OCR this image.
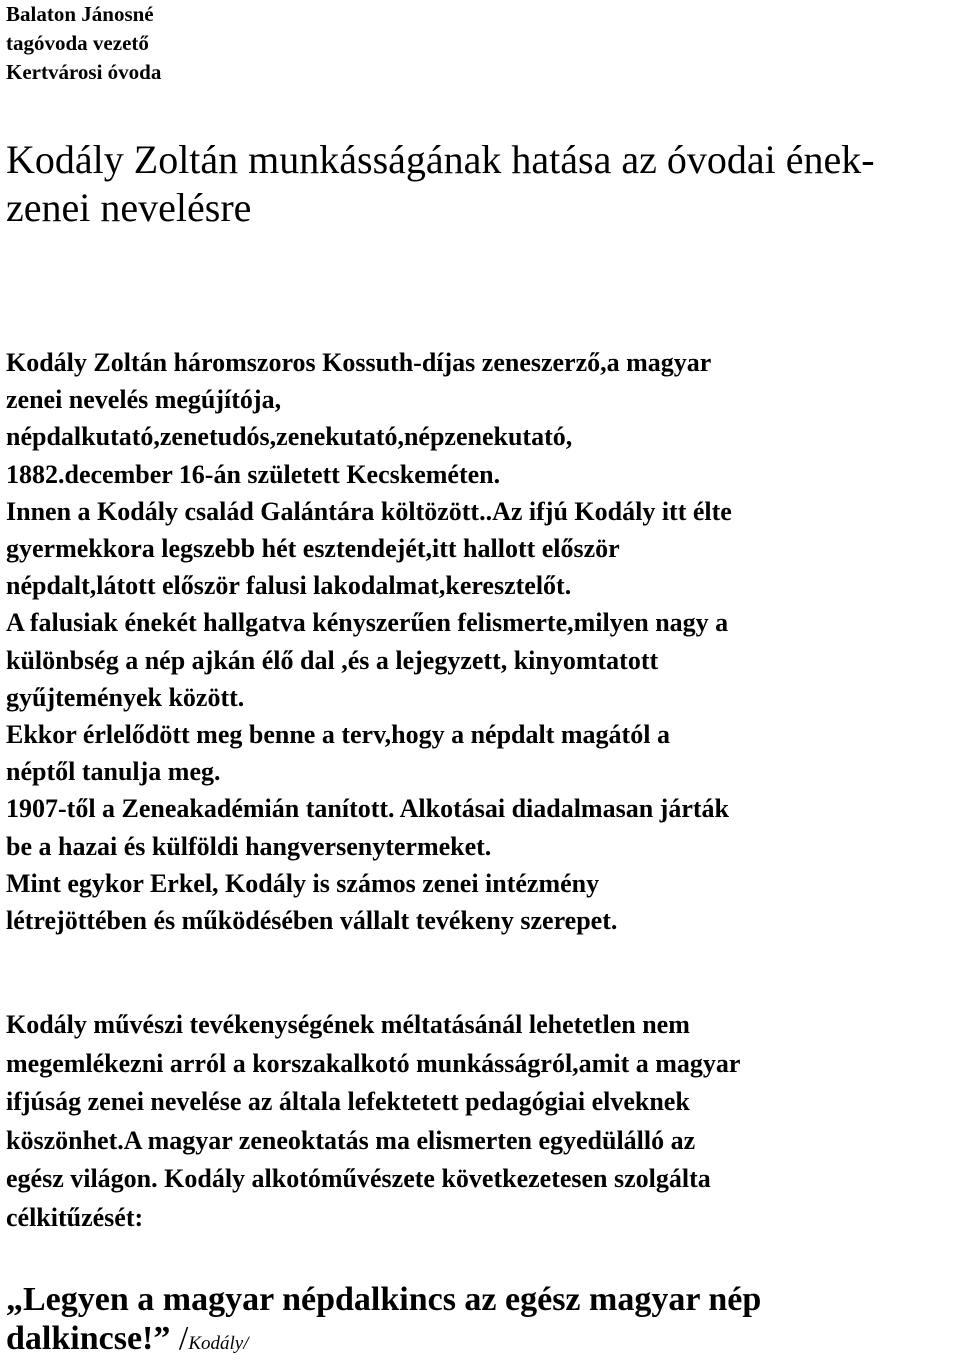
Balaton Jánosné
tagóvoda vezető
Kertvárosi óvoda
Kodály Zoltán munkásságának hatása az óvodai ének-zenei nevelésre
Kodály Zoltán háromszoros Kossuth-díjas zeneszerző,a magyar
zenei nevelés megújítója,
népdalkutató,zenetudós,zenekutató,népzenekutató,
1882.december 16-án született Kecskeméten.
Innen a Kodály család Galántára költözött..Az ifjú Kodály itt élte
gyermekkora legszebb hét esztendejét,itt hallott először
népdalt,látott először falusi lakodalmat,keresztelőt.
A falusiak énekét hallgatva kényszerűen felismerte,milyen nagy a
különbség a nép ajkán élő dal ,és a lejegyzett, kinyomtatott
gyűjtemények között.
Ekkor érlelődött meg benne a terv,hogy a népdalt magától a
néptől tanulja meg.
1907-től a Zeneakadémián tanított. Alkotásai diadalmasan járták
be a hazai és külföldi hangversenytermeket.
Mint egykor Erkel, Kodály is számos zenei intézmény
létrejöttében és működésében vállalt tevékeny szerepet.
Kodály művészi tevékenységének méltatásánál lehetetlen nem
megemlékezni arról a korszakalkotó munkásságról,amit a magyar
ifjúság zenei nevelése az általa lefektetett pedagógiai elveknek
köszönhet.A magyar zeneoktatás ma elismerten egyedülálló az
egész világon. Kodály alkotóművészete következetesen szolgálta
célkitűzését:
„Legyen a magyar népdalkincs az egész magyar nép
dalkincse!” /Kodály/
